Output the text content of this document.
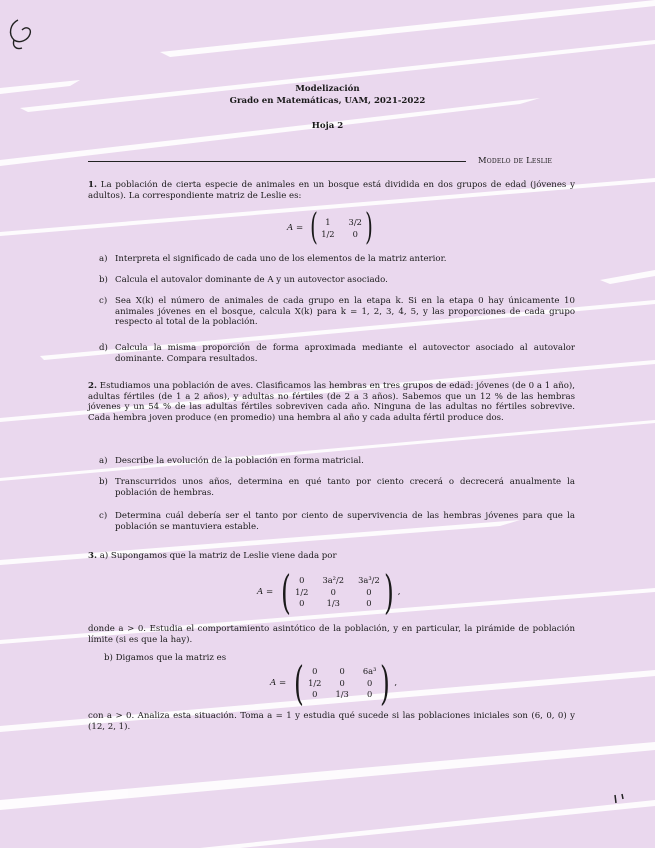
Modelización
Grado en Matemáticas, UAM, 2021-2022
Hoja 2
Modelo de Leslie
1. La población de cierta especie de animales en un bosque está dividida en dos grupos de edad (jóvenes y adultos). La correspondiente matriz de Leslie es:
A = ( 1	3/2
1/2	0 )
a) Interpreta el significado de cada uno de los elementos de la matriz anterior.
b) Calcula el autovalor dominante de A y un autovector asociado.
c) Sea X(k) el número de animales de cada grupo en la etapa k. Si en la etapa 0 hay únicamente 10 animales jóvenes en el bosque, calcula X(k) para k = 1, 2, 3, 4, 5, y las proporciones de cada grupo respecto al total de la población.
d) Calcula la misma proporción de forma aproximada mediante el autovector asociado al autovalor dominante. Compara resultados.
2. Estudiamos una población de aves. Clasificamos las hembras en tres grupos de edad: jóvenes (de 0 a 1 año), adultas fértiles (de 1 a 2 años), y adultas no fértiles (de 2 a 3 años). Sabemos que un 12 % de las hembras jóvenes y un 54 % de las adultas fértiles sobreviven cada año. Ninguna de las adultas no fértiles sobrevive. Cada hembra joven produce (en promedio) una hembra al año y cada adulta fértil produce dos.
a) Describe la evolución de la población en forma matricial.
b) Transcurridos unos años, determina en qué tanto por ciento crecerá o decrecerá anualmente la población de hembras.
c) Determina cuál debería ser el tanto por ciento de supervivencia de las hembras jóvenes para que la población se mantuviera estable.
3. a) Supongamos que la matriz de Leslie viene dada por
A = ( 0	3a²/2 3a³/2
1/2	0	0
0	1/3	0 ) ,
donde a > 0. Estudia el comportamiento asintótico de la población, y en particular, la pirámide de población límite (si es que la hay).
b) Digamos que la matriz es
A = ( 0	0	6a³
1/2	0	0
0	1/3	0 ) ,
con a > 0. Analiza esta situación. Toma a = 1 y estudia qué sucede si las poblaciones iniciales son (6, 0, 0) y (12, 2, 1).
